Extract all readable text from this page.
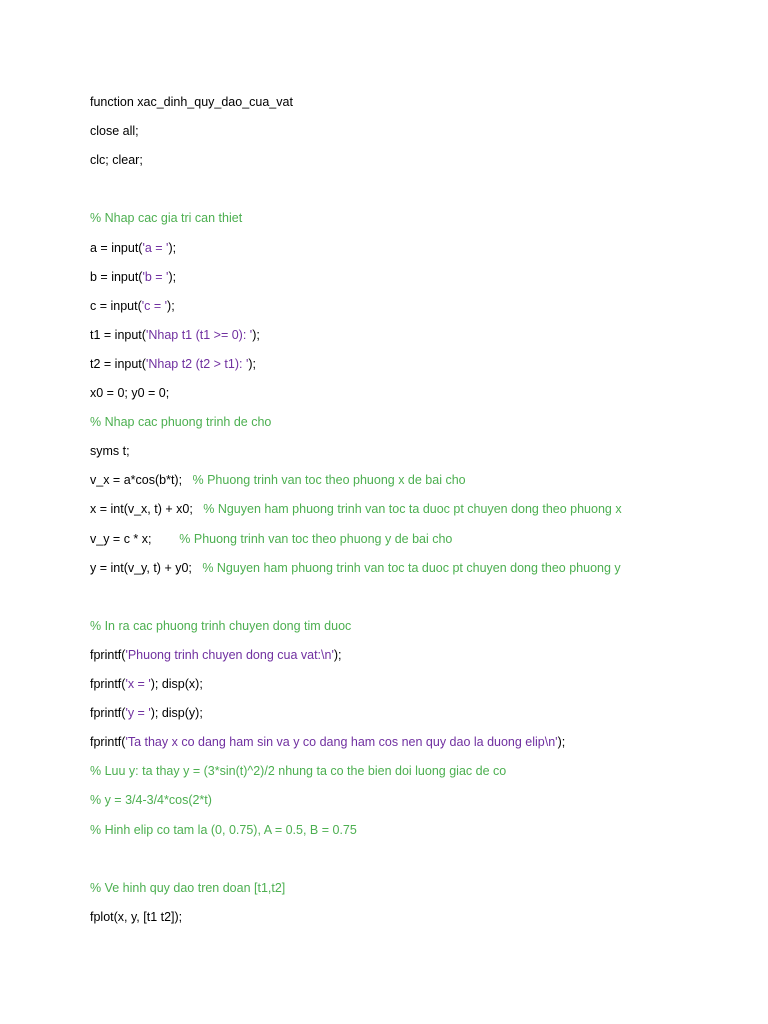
function xac_dinh_quy_dao_cua_vat
close all;
clc; clear;
% Nhap cac gia tri can thiet
a = input('a = ');
b = input('b = ');
c = input('c = ');
t1 = input('Nhap t1 (t1 >= 0): ');
t2 = input('Nhap t2 (t2 > t1): ');
x0 = 0; y0 = 0;
% Nhap cac phuong trinh de cho
syms t;
v_x = a*cos(b*t);   % Phuong trinh van toc theo phuong x de bai cho
x = int(v_x, t) + x0;   % Nguyen ham phuong trinh van toc ta duoc pt chuyen dong theo phuong x
v_y = c * x;        % Phuong trinh van toc theo phuong y de bai cho
y = int(v_y, t) + y0;   % Nguyen ham phuong trinh van toc ta duoc pt chuyen dong theo phuong y
% In ra cac phuong trinh chuyen dong tim duoc
fprintf('Phuong trinh chuyen dong cua vat:\n');
fprintf('x = '); disp(x);
fprintf('y = '); disp(y);
fprintf('Ta thay x co dang ham sin va y co dang ham cos nen quy dao la duong elip\n');
% Luu y: ta thay y = (3*sin(t)^2)/2 nhung ta co the bien doi luong giac de co
% y = 3/4-3/4*cos(2*t)
% Hinh elip co tam la (0, 0.75), A = 0.5, B = 0.75
% Ve hinh quy dao tren doan [t1,t2]
fplot(x, y, [t1 t2]);
